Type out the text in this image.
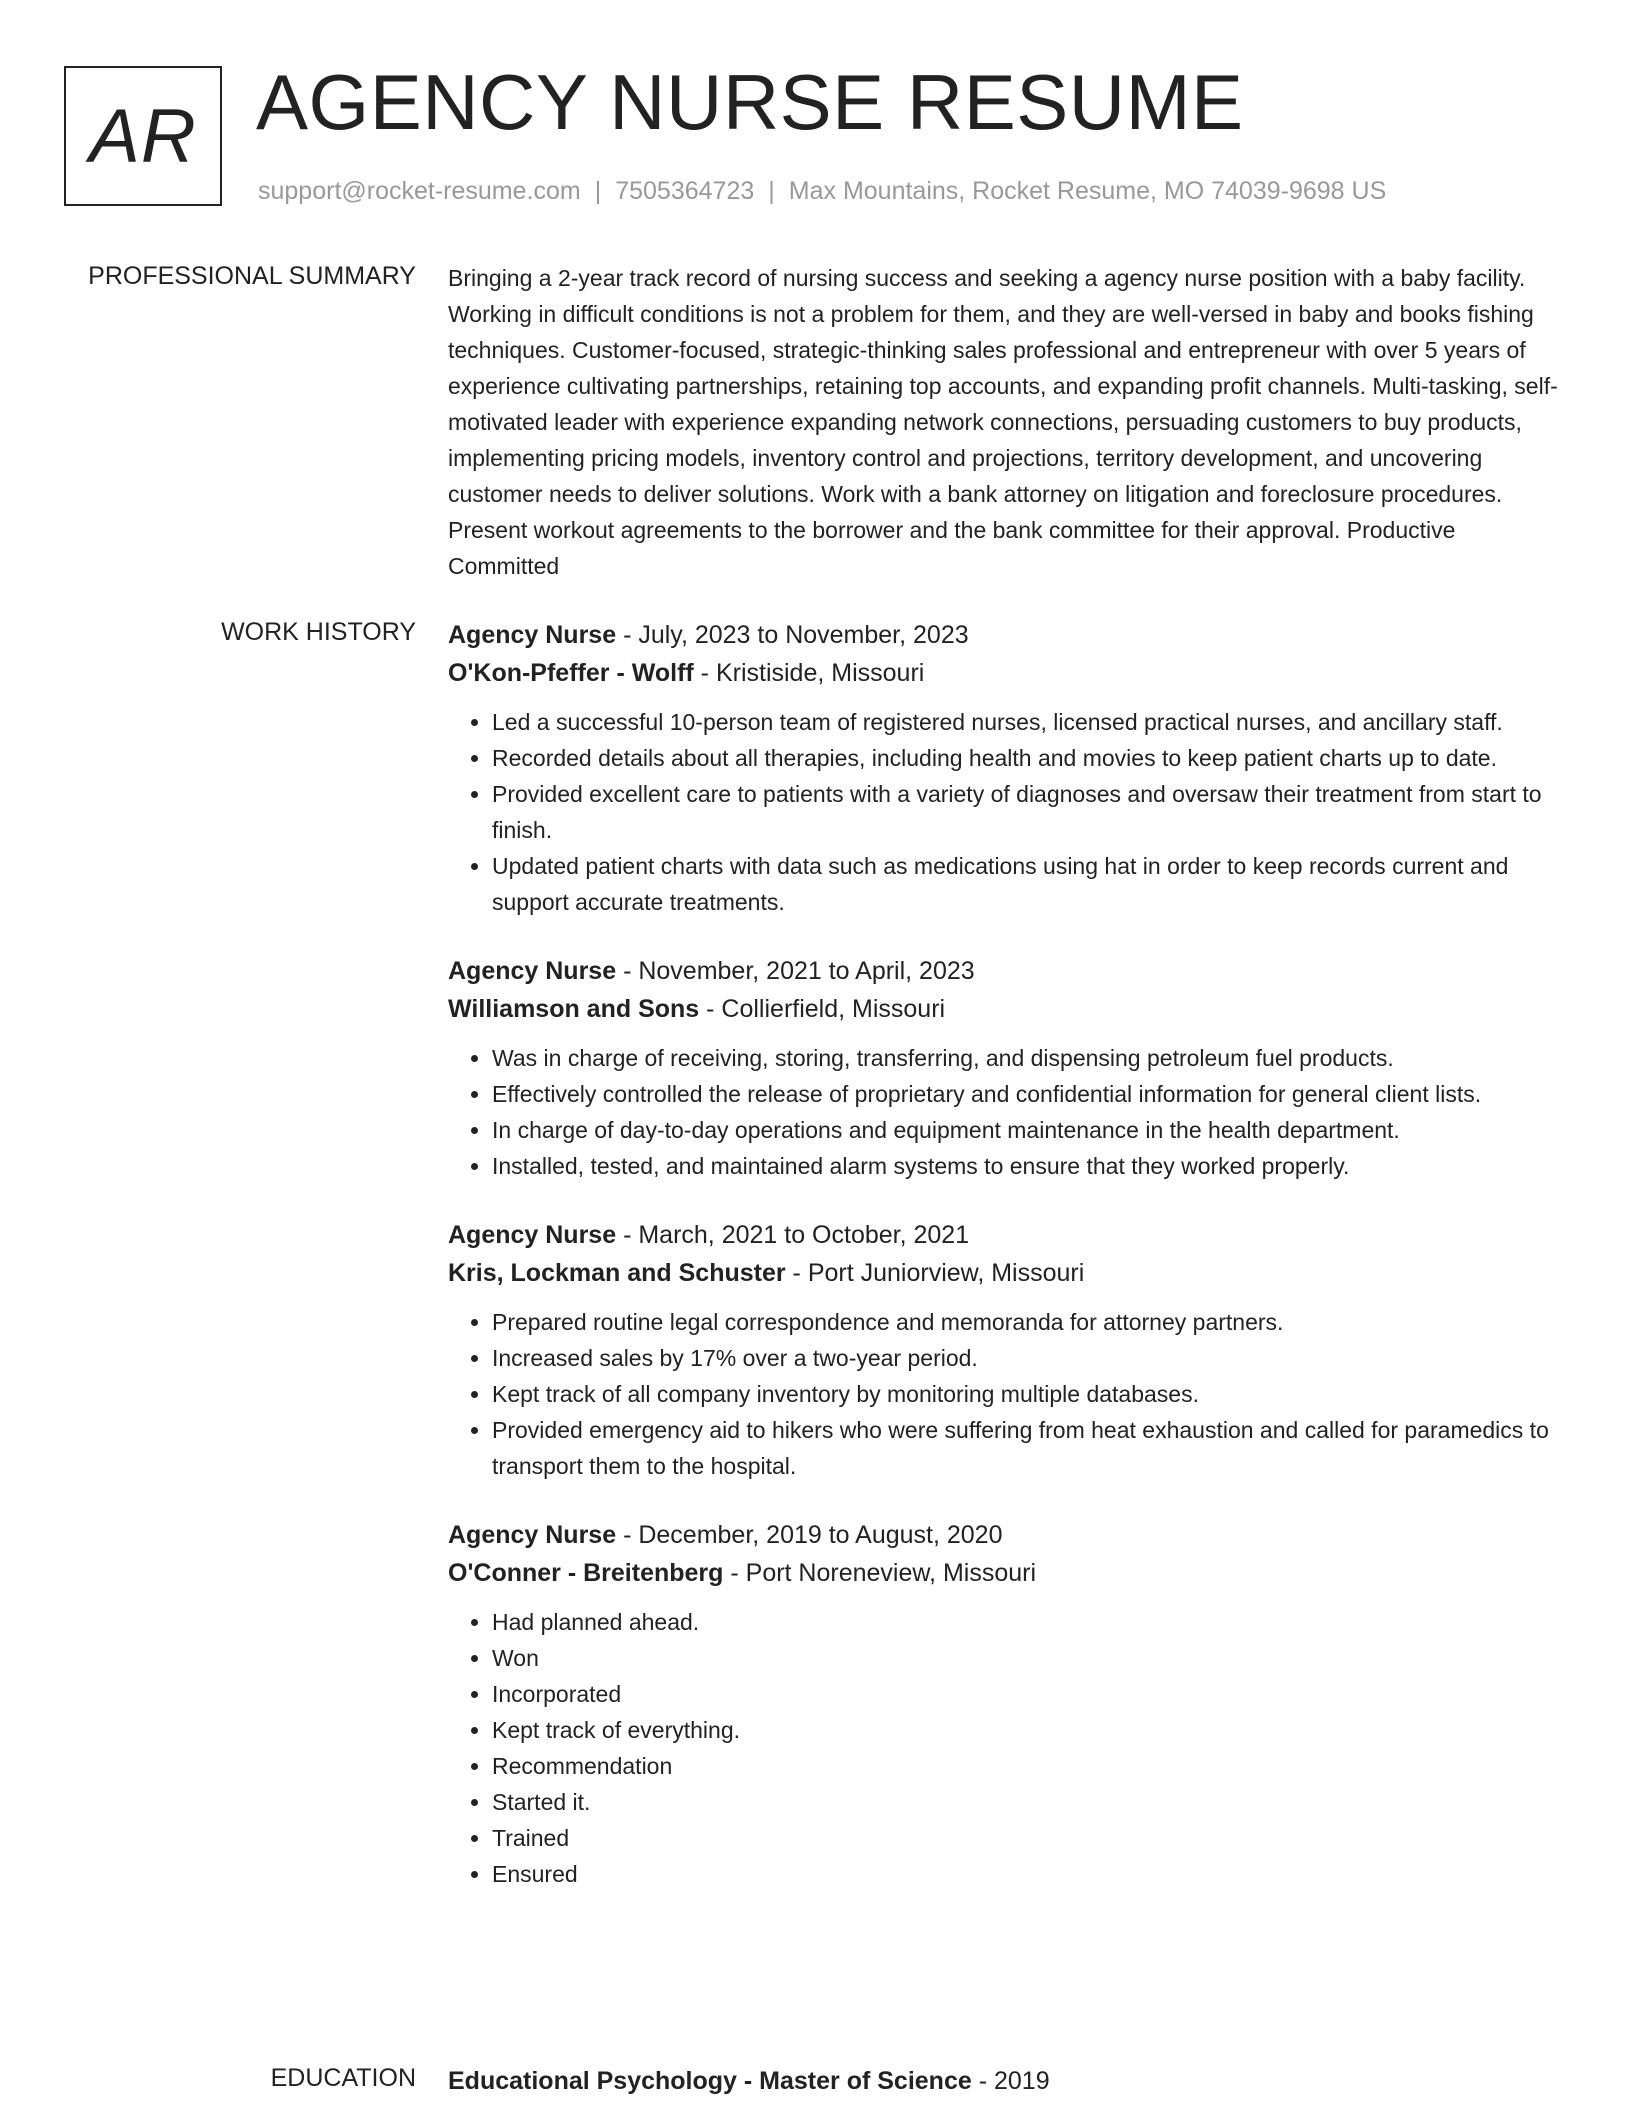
AR AGENCY NURSE RESUME
support@rocket-resume.com | 7505364723 | Max Mountains, Rocket Resume, MO 74039-9698 US
PROFESSIONAL SUMMARY Bringing a 2-year track record of nursing success and seeking a agency nurse position with a baby facility. Working in difficult conditions is not a problem for them, and they are well-versed in baby and books fishing techniques. Customer-focused, strategic-thinking sales professional and entrepreneur with over 5 years of experience cultivating partnerships, retaining top accounts, and expanding profit channels. Multi-tasking, self-motivated leader with experience expanding network connections, persuading customers to buy products, implementing pricing models, inventory control and projections, territory development, and uncovering customer needs to deliver solutions. Work with a bank attorney on litigation and foreclosure procedures. Present workout agreements to the borrower and the bank committee for their approval. Productive Committed
WORK HISTORY Agency Nurse - July, 2023 to November, 2023
O'Kon-Pfeffer - Wolff - Kristiside, Missouri
• Led a successful 10-person team of registered nurses, licensed practical nurses, and ancillary staff.
• Recorded details about all therapies, including health and movies to keep patient charts up to date.
• Provided excellent care to patients with a variety of diagnoses and oversaw their treatment from start to finish.
• Updated patient charts with data such as medications using hat in order to keep records current and support accurate treatments.
Agency Nurse - November, 2021 to April, 2023
Williamson and Sons - Collierfield, Missouri
• Was in charge of receiving, storing, transferring, and dispensing petroleum fuel products.
• Effectively controlled the release of proprietary and confidential information for general client lists.
• In charge of day-to-day operations and equipment maintenance in the health department.
• Installed, tested, and maintained alarm systems to ensure that they worked properly.
Agency Nurse - March, 2021 to October, 2021
Kris, Lockman and Schuster - Port Juniorview, Missouri
• Prepared routine legal correspondence and memoranda for attorney partners.
• Increased sales by 17% over a two-year period.
• Kept track of all company inventory by monitoring multiple databases.
• Provided emergency aid to hikers who were suffering from heat exhaustion and called for paramedics to transport them to the hospital.
Agency Nurse - December, 2019 to August, 2020
O'Conner - Breitenberg - Port Noreneview, Missouri
• Had planned ahead.
• Won
• Incorporated
• Kept track of everything.
• Recommendation
• Started it.
• Trained
• Ensured
EDUCATION Educational Psychology - Master of Science - 2019
